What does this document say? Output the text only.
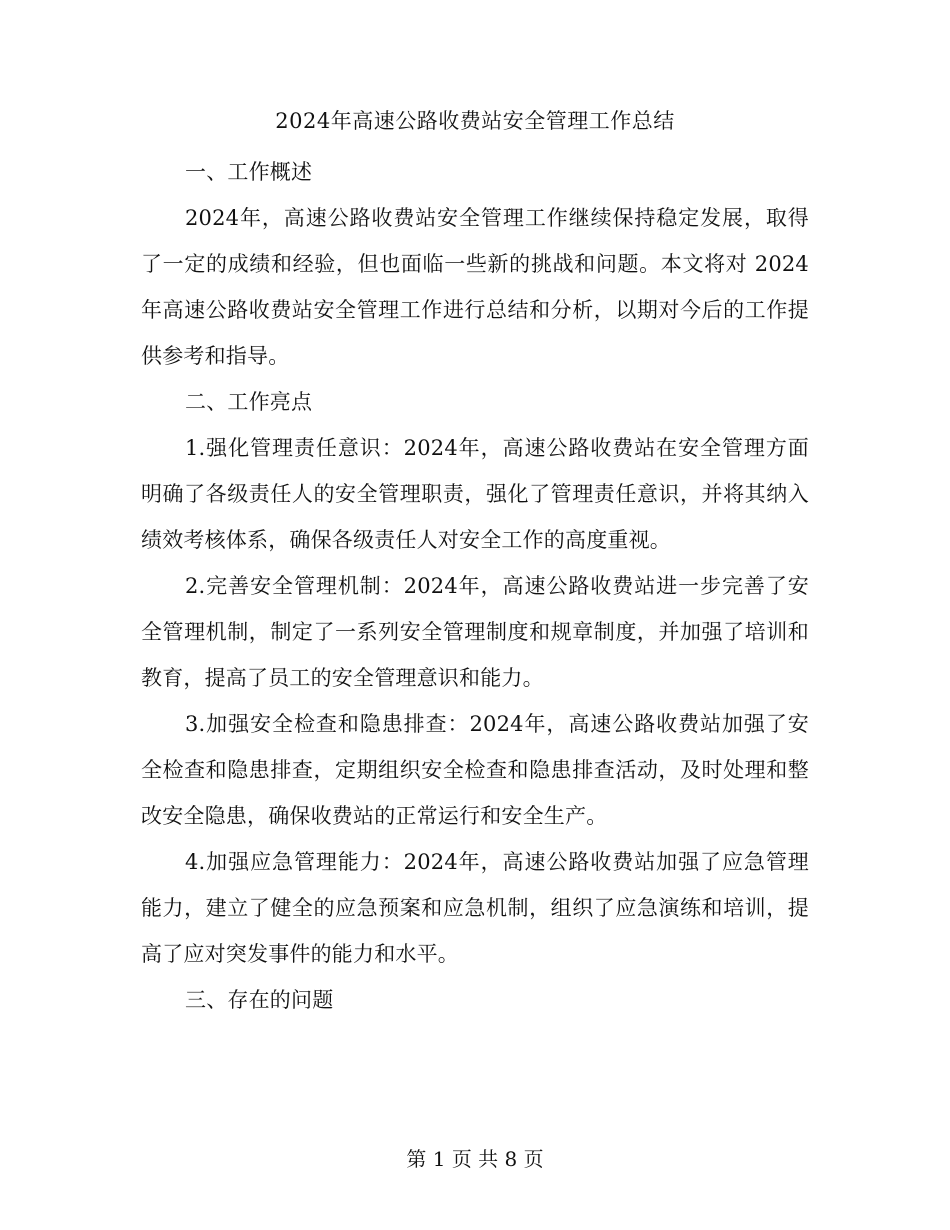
2024年高速公路收费站安全管理工作总结

一、工作概述

2024年，高速公路收费站安全管理工作继续保持稳定发展，取得了一定的成绩和经验，但也面临一些新的挑战和问题。本文将对 2024年高速公路收费站安全管理工作进行总结和分析，以期对今后的工作提供参考和指导。

二、工作亮点

1.强化管理责任意识：2024年，高速公路收费站在安全管理方面明确了各级责任人的安全管理职责，强化了管理责任意识，并将其纳入绩效考核体系，确保各级责任人对安全工作的高度重视。

2.完善安全管理机制：2024年，高速公路收费站进一步完善了安全管理机制，制定了一系列安全管理制度和规章制度，并加强了培训和教育，提高了员工的安全管理意识和能力。

3.加强安全检查和隐患排查：2024年，高速公路收费站加强了安全检查和隐患排查，定期组织安全检查和隐患排查活动，及时处理和整改安全隐患，确保收费站的正常运行和安全生产。

4.加强应急管理能力：2024年，高速公路收费站加强了应急管理能力，建立了健全的应急预案和应急机制，组织了应急演练和培训，提高了应对突发事件的能力和水平。

三、存在的问题

第 1 页 共 8 页
